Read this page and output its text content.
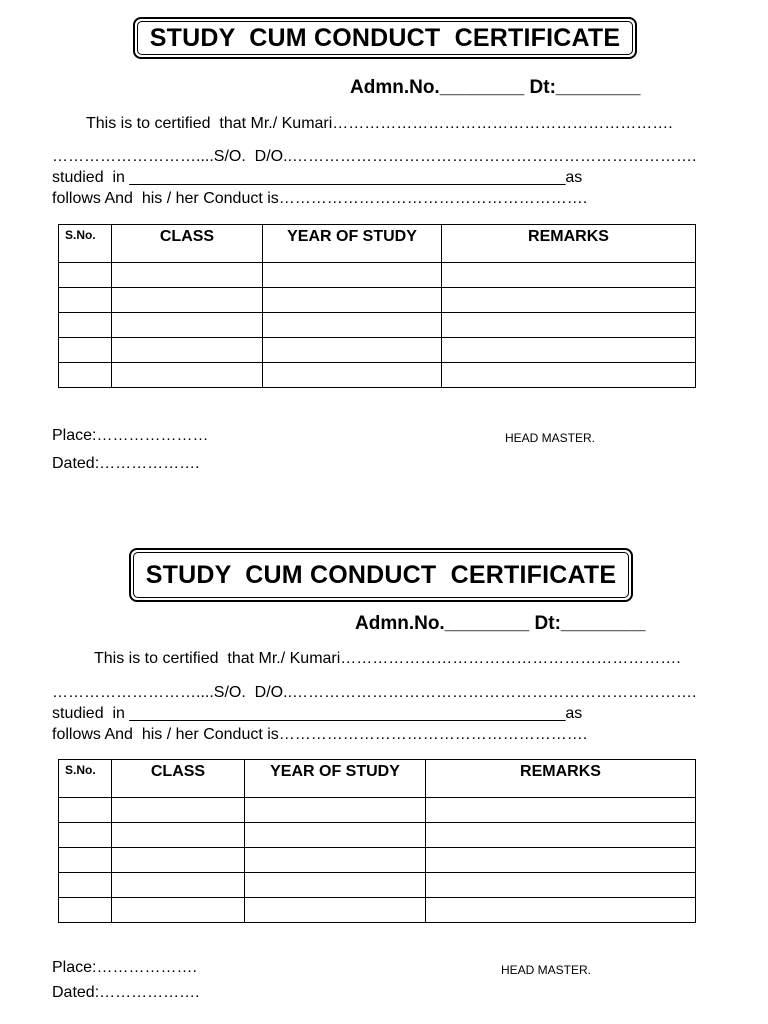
STUDY  CUM CONDUCT  CERTIFICATE
Admn.No.________ Dt:________
This is to certified  that Mr./ Kumari……………………………………………………….
………………………....S/O.  D/O..………………………………………………………………….
studied  in _________________________________________________as
follows And  his / her Conduct is………………………………………………….
S.No.	CLASS	YEAR OF STUDY	REMARKS

Place:…………………	HEAD MASTER.
Dated:……………….
STUDY  CUM CONDUCT  CERTIFICATE
Admn.No.________ Dt:________
This is to certified  that Mr./ Kumari……………………………………………………….
………………………....S/O.  D/O..………………………………………………………………….
studied  in _________________________________________________as
follows And  his / her Conduct is………………………………………………….
S.No.	CLASS	YEAR OF STUDY	REMARKS

Place:……………….	HEAD MASTER.
Dated:……………….
